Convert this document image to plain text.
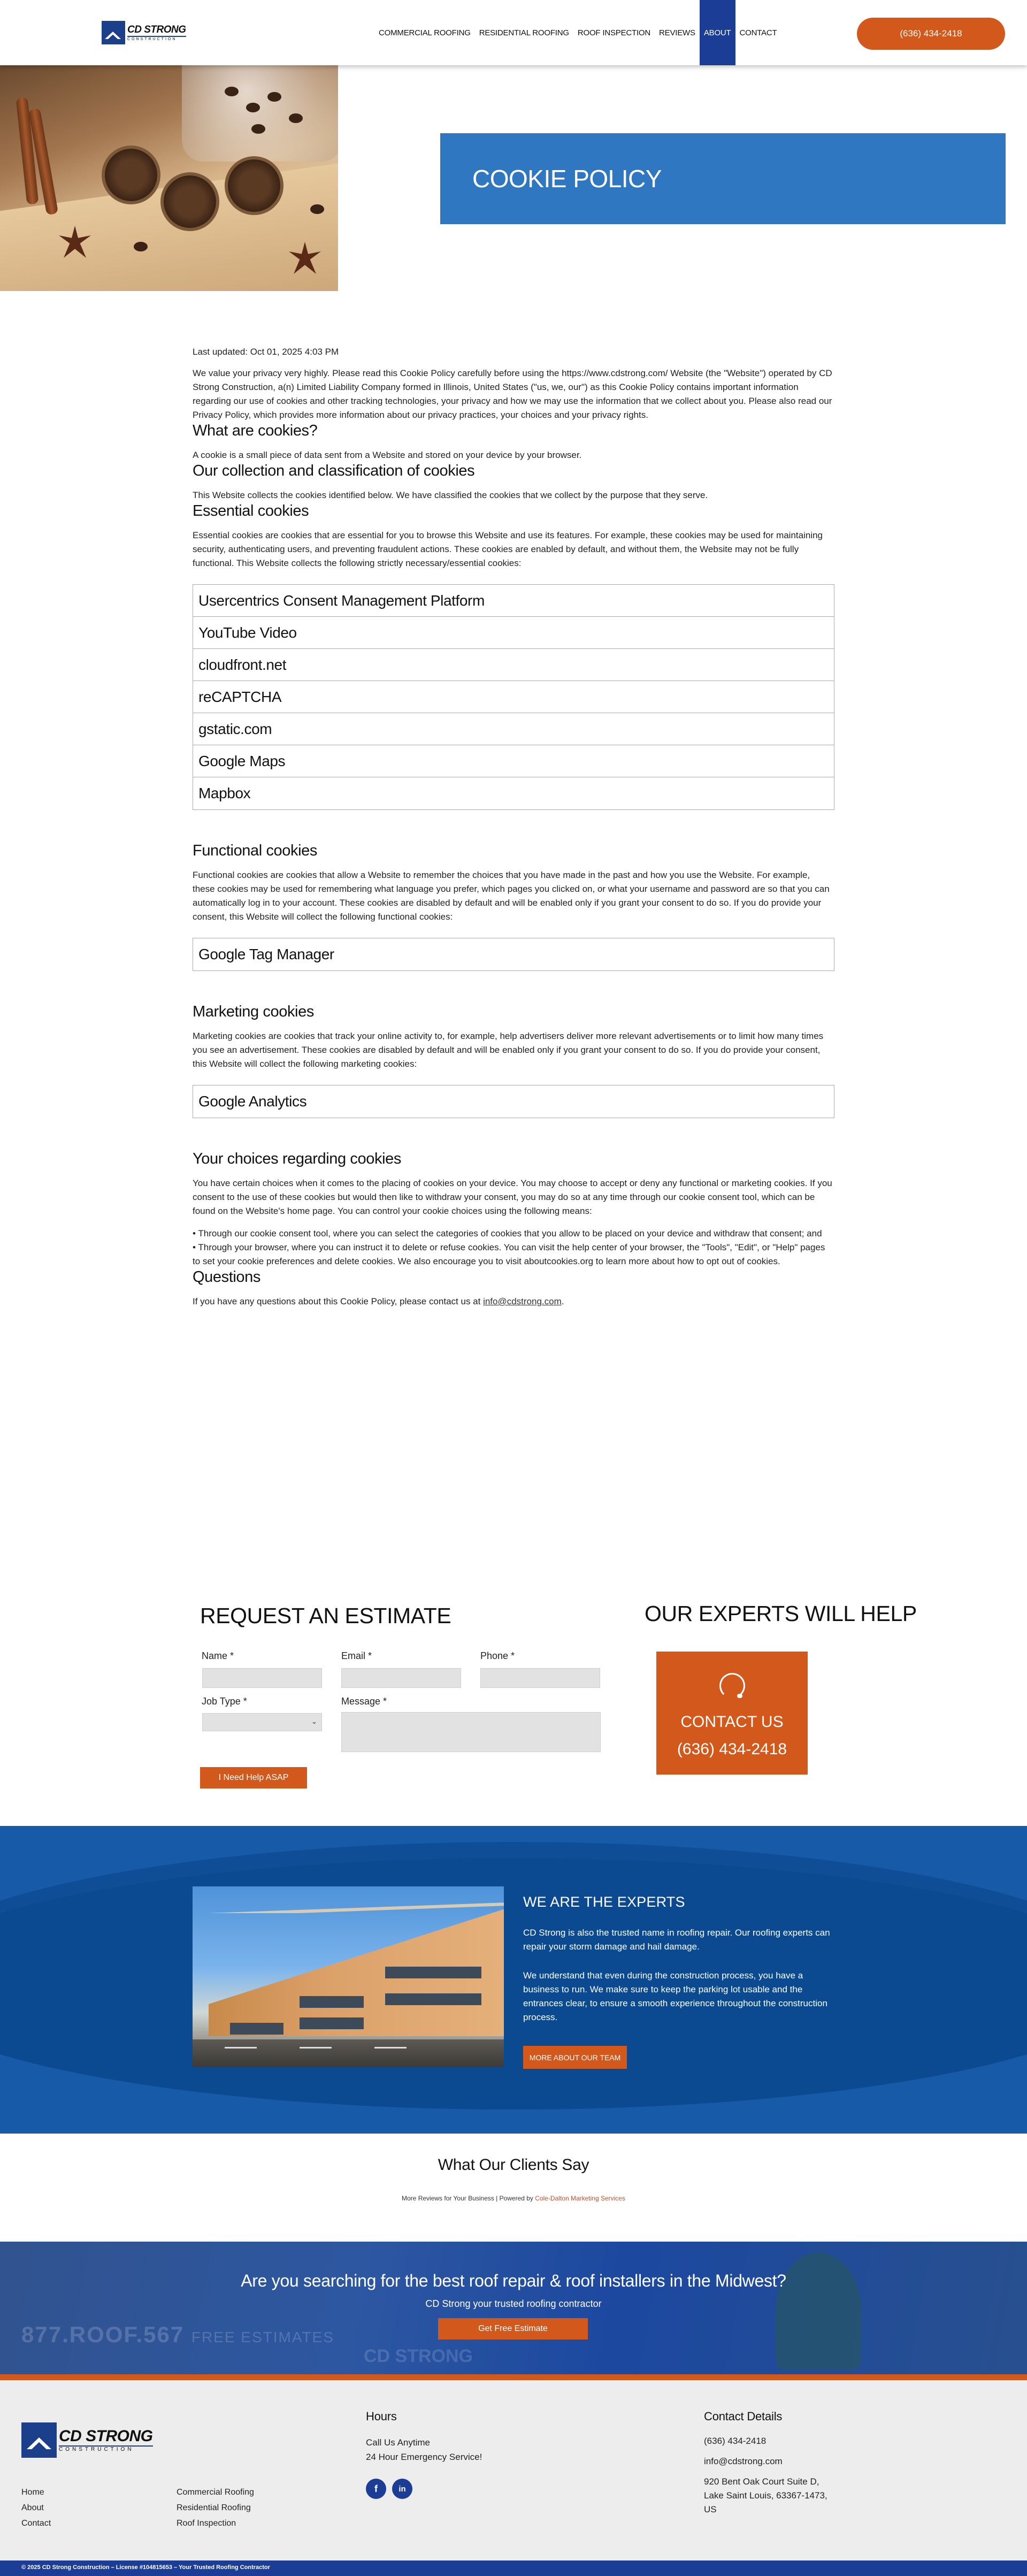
CD STRONG
CONSTRUCTION
COMMERCIAL ROOFING	RESIDENTIAL ROOFING	ROOF INSPECTION	REVIEWS	ABOUT	CONTACT	(636) 434-2418
COOKIE POLICY

Last updated: Oct 01, 2025 4:03 PM

We value your privacy very highly. Please read this Cookie Policy carefully before using the https://www.cdstrong.com/ Website (the "Website") operated by CD Strong Construction, a(n) Limited Liability Company formed in Illinois, United States ("us, we, our") as this Cookie Policy contains important information regarding our use of cookies and other tracking technologies, your privacy and how we may use the information that we collect about you. Please also read our Privacy Policy, which provides more information about our privacy practices, your choices and your privacy rights.

What are cookies?

A cookie is a small piece of data sent from a Website and stored on your device by your browser.

Our collection and classification of cookies

This Website collects the cookies identified below. We have classified the cookies that we collect by the purpose that they serve.

Essential cookies

Essential cookies are cookies that are essential for you to browse this Website and use its features. For example, these cookies may be used for maintaining security, authenticating users, and preventing fraudulent actions. These cookies are enabled by default, and without them, the Website may not be fully functional. This Website collects the following strictly necessary/essential cookies:

Usercentrics Consent Management Platform
YouTube Video
cloudfront.net
reCAPTCHA
gstatic.com
Google Maps
Mapbox
Functional cookies

Functional cookies are cookies that allow a Website to remember the choices that you have made in the past and how you use the Website. For example, these cookies may be used for remembering what language you prefer, which pages you clicked on, or what your username and password are so that you can automatically log in to your account. These cookies are disabled by default and will be enabled only if you grant your consent to do so. If you do provide your consent, this Website will collect the following functional cookies:

Google Tag Manager
Marketing cookies

Marketing cookies are cookies that track your online activity to, for example, help advertisers deliver more relevant advertisements or to limit how many times you see an advertisement. These cookies are disabled by default and will be enabled only if you grant your consent to do so. If you do provide your consent, this Website will collect the following marketing cookies:

Google Analytics
Your choices regarding cookies

You have certain choices when it comes to the placing of cookies on your device. You may choose to accept or deny any functional or marketing cookies. If you consent to the use of these cookies but would then like to withdraw your consent, you may do so at any time through our cookie consent tool, which can be found on the Website's home page. You can control your cookie choices using the following means:

• Through our cookie consent tool, where you can select the categories of cookies that you allow to be placed on your device and withdraw that consent; and
• Through your browser, where you can instruct it to delete or refuse cookies. You can visit the help center of your browser, the "Tools", "Edit", or "Help" pages to set your cookie preferences and delete cookies. We also encourage you to visit aboutcookies.org to learn more about how to opt out of cookies.
Questions

If you have any questions about this Cookie Policy, please contact us at info@cdstrong.com.

REQUEST AN ESTIMATE
Name *	Email *	Phone *
Job Type *
⌄
Message *
I Need Help ASAP
OUR EXPERTS WILL HELP
CONTACT US
(636) 434-2418
WE ARE THE EXPERTS
CD Strong is also the trusted name in roofing repair. Our roofing experts can repair your storm damage and hail damage.
We understand that even during the construction process, you have a business to run. We make sure to keep the parking lot usable and the entrances clear, to ensure a smooth experience throughout the construction process.
MORE ABOUT OUR TEAM
What Our Clients Say
More Reviews for Your Business | Powered by Cole-Dalton Marketing Services
877.ROOF.567 FREE ESTIMATES
CD STRONG
Are you searching for the best roof repair & roof installers in the Midwest?
CD Strong your trusted roofing contractor
Get Free Estimate
CD STRONG
CONSTRUCTION
Home
About
Contact
Commercial Roofing
Residential Roofing
Roof Inspection
Hours
Call Us Anytime
24 Hour Emergency Service!
f	in
Contact Details
(636) 434-2418
info@cdstrong.com
920 Bent Oak Court Suite D,
Lake Saint Louis, 63367-1473,
US
© 2025 CD Strong Construction – License #104815653 – Your Trusted Roofing Contractor
